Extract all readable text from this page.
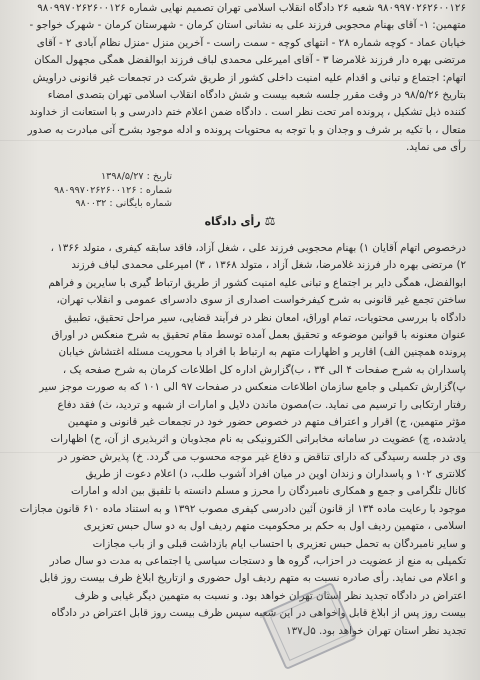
۹۸۰۹۹۷۰۲۶۲۶۰۰۱۲۶ شعبه ۲۶ دادگاه انقلاب اسلامی تهران تصمیم نهایی شماره ۹۸۰۹۹۷۰۲۶۲۶۰۰۱۲۶
متهمین: ۱- آقای بهنام محجوبی فرزند علی به نشانی استان کرمان - شهرستان کرمان - شهرک خواجو -
خیابان عماد - کوچه شماره ۲۸ - انتهای کوچه - سمت راست - آخرین منزل -منزل نظام آبادی ۲ - آقای
مرتضی بهره دار فرزند غلامرضا ۳ - آقای امیرعلی محمدی لباف فرزند ابوالفضل همگی مجهول المکان
اتهام: اجتماع و تبانی و اقدام علیه امنیت داخلی کشور از طریق شرکت در تجمعات غیر قانونی دراویش
بتاریخ ۹۸/۵/۲۶ در وقت مقرر جلسه شعبه بیست و شش دادگاه انقلاب اسلامی تهران بتصدی امضاء
کننده ذیل تشکیل ، پرونده امر تحت نظر است . دادگاه ضمن اعلام ختم دادرسی و با استعانت از خداوند
متعال ، با تکیه بر شرف و وجدان و با توجه به محتویات پرونده و ادله موجود بشرح آتی مبادرت به صدور
رأی می نماید.
تاریخ : ۱۳۹۸/۵/۲۷
شماره : ۹۸۰۹۹۷۰۲۶۲۶۰۰۱۲۶
شماره بایگانی : ۹۸۰۰۳۲
⚖رأی دادگاه
درخصوص اتهام آقایان ۱) بهنام محجوبی فرزند علی ، شغل آزاد، فاقد سابقه کیفری ، متولد ۱۳۶۶ ،
۲) مرتضی بهره دار فرزند غلامرضا، شغل آزاد ، متولد ۱۳۶۸ ، ۳) امیرعلی محمدی لباف فرزند
ابوالفضل، همگی دایر بر اجتماع و تبانی علیه امنیت کشور از طریق ارتباط گیری با سایرین و فراهم
ساختن تجمع غیر قانونی به شرح کیفرخواست اصداری از سوی دادسرای عمومی و انقلاب تهران،
دادگاه با بررسی محتویات، تمام اوراق، امعان نظر در فرآیند قضایی، سیر مراحل تحقیق، تطبیق
عنوان معنونه با قوانین موضوعه و تحقیق بعمل آمده توسط مقام تحقیق به شرح منعکس در اوراق
پرونده همچنین الف) اقاریر و اظهارات متهم به ارتباط با افراد با محوریت مسئله اغتشاش خیابان
پاسداران به شرح صفحات ۴ الی ۳۴ ، ب)گزارش اداره کل اطلاعات کرمان به شرح صفحه یک ،
پ)گزارش تکمیلی و جامع سازمان اطلاعات منعکس در صفحات ۹۷ الی ۱۰۱ که به صورت موجز سیر
رفتار ارتکابی را ترسیم می نماید. ت)مصون ماندن دلایل و امارات از شبهه و تردید، ث) فقد دفاع
مؤثر متهمین، ج) اقرار و اعتراف متهم در خصوص حضور خود در تجمعات غیر قانونی و متهمین
یادشده، چ) عضویت در سامانه مخابراتی الکترونیکی به نام مجذوبان و اثربذیری از آن، ح) اظهارات
وی در جلسه رسیدگی که دارای تناقض و دفاع غیر موجه محسوب می گردد. خ) پذیرش حضور در
کلانتری ۱۰۲ و پاسداران و زندان اوین در میان افراد آشوب طلب، د) اعلام دعوت از طریق
کانال تلگرامی و جمع و همکاری نامبردگان را محرز و مسلم دانسته با تلفیق بین ادله و امارات
موجود با رعایت ماده ۱۳۴ از قانون آئین دادرسی کیفری مصوب ۱۳۹۲ و به استناد ماده ۶۱۰ قانون مجازات
اسلامی ، متهمین ردیف اول به حکم بر محکومیت متهم ردیف اول به دو سال حبس تعزیری
و سایر نامبردگان به تحمل حبس تعزیری با احتساب ایام بازداشت قبلی و از باب مجازات
تکمیلی به منع از عضویت در احزاب، گروه ها و دستجات سیاسی یا اجتماعی به مدت دو سال صادر
و اعلام می نماید. رأی صادره نسبت به متهم ردیف اول حضوری و ازتاریخ ابلاغ ظرف بیست روز قابل
اعتراض در دادگاه تجدید نظر استان تهران خواهد بود. و نسبت به متهمین دیگر غیابی و ظرف
بیست روز پس از ابلاغ قابل واخواهی در این شعبه سپس ظرف بیست روز قابل اعتراض در دادگاه
تجدید نظر استان تهران خواهد بود. ۵ل۱۳۷
